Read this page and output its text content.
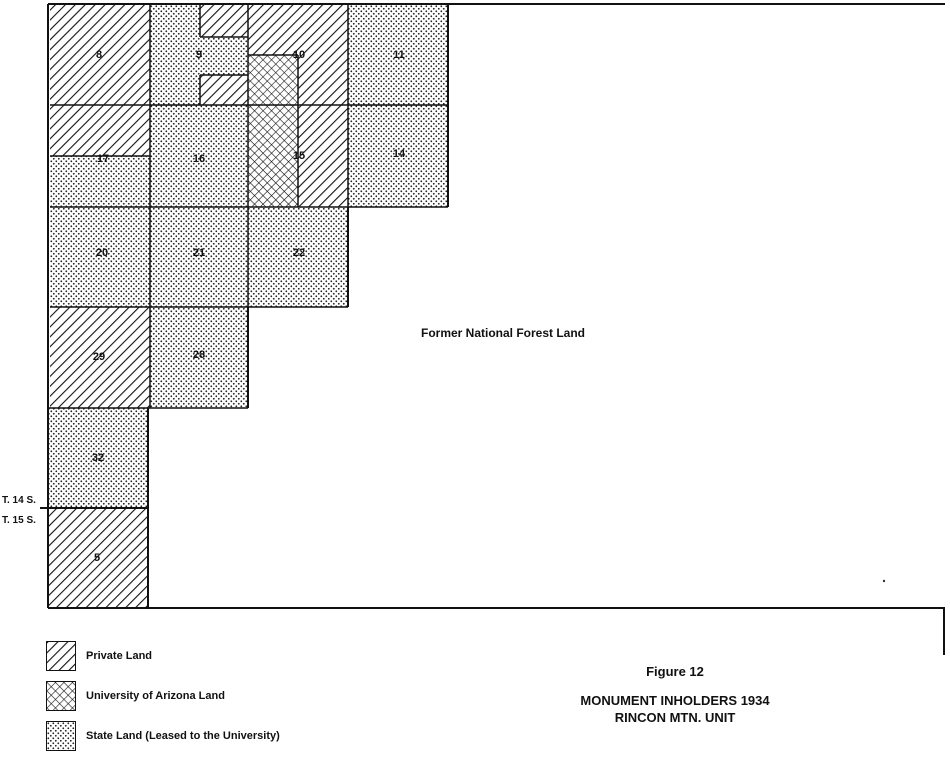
8	9	10	11
17	16	15	14
20	21	22
29	28
32
5
Former National Forest Land
T. 14 S.
T. 15 S.
Private Land
University of Arizona Land
State Land (Leased to the University)
Figure 12
MONUMENT INHOLDERS 1934
RINCON MTN. UNIT
